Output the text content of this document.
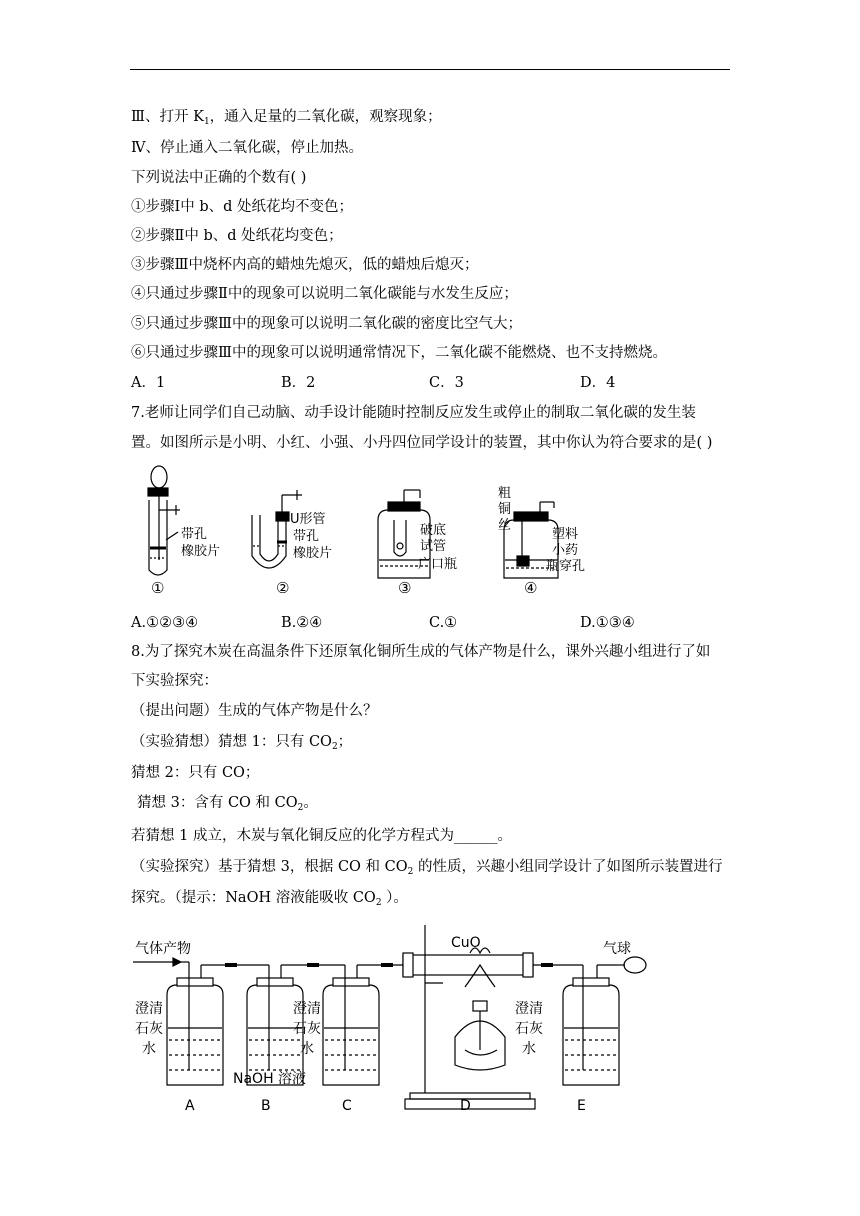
Ⅲ、打开 $K_1$，通入足量的二氧化碳，观察现象；
Ⅳ、停止通入二氧化碳，停止加热。
下列说法中正确的个数有( )
①步骤Ⅰ中 b、d 处纸花均不变色；
②步骤Ⅱ中 b、d 处纸花均变色；
③步骤Ⅲ中烧杯内高的蜡烛先熄灭，低的蜡烛后熄灭；
④只通过步骤Ⅱ中的现象可以说明二氧化碳能与水发生反应；
⑤只通过步骤Ⅲ中的现象可以说明二氧化碳的密度比空气大；
⑥只通过步骤Ⅲ中的现象可以说明通常情况下，二氧化碳不能燃烧、也不支持燃烧。
A．1	B．2	C．3	D．4
7.老师让同学们自己动脑、动手设计能随时控制反应发生或停止的制取二氧化碳的发生装
置。如图所示是小明、小红、小强、小丹四位同学设计的装置，其中你认为符合要求的是( )
带孔
橡胶片
①
U形管
带孔
橡胶片
②
破底
试管
广口瓶
③
粗
铜
丝
塑料
小药
瓶穿孔
④
A.①②③④	B.②④	C.①	D.①③④
8.为了探究木炭在高温条件下还原氧化铜所生成的气体产物是什么，课外兴趣小组进行了如
下实验探究：
（提出问题）生成的气体产物是什么？
（实验猜想）猜想 1：只有 $CO_2$；
猜想 2：只有 CO；
猜想 3：含有 CO 和 $CO_2$。
若猜想 1 成立，木炭与氧化铜反应的化学方程式为______。
（实验探究）基于猜想 3，根据 CO 和 $CO_2$ 的性质，兴趣小组同学设计了如图所示装置进行
探究。（提示：NaOH 溶液能吸收 $CO_2$ ）。
气体产物	CuO	气球
澄清
石灰
水
澄清
石灰
水
澄清
石灰
水
NaOH 溶液
A	B	C	D	E
